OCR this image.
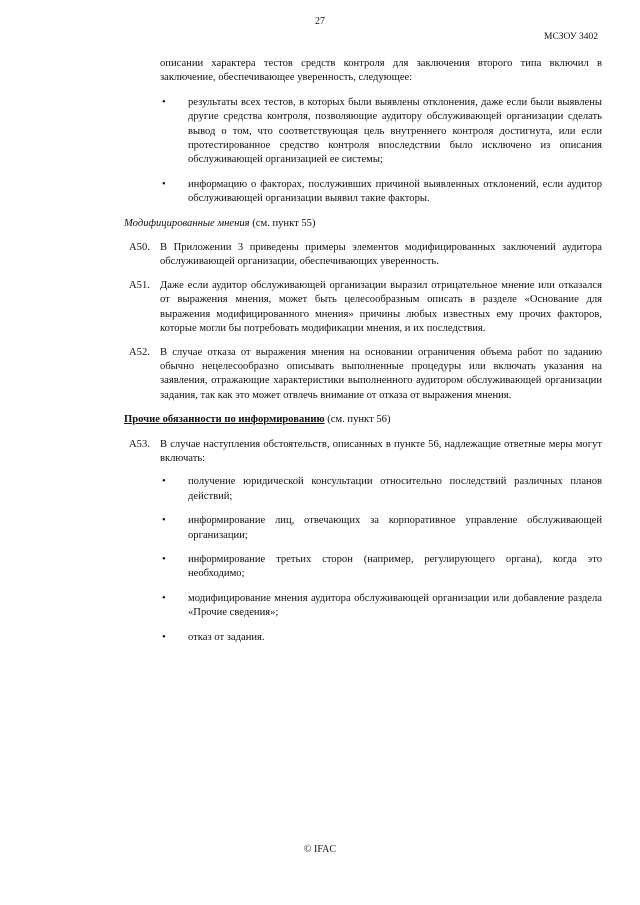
27
МСЗОУ 3402

описании характера тестов средств контроля для заключения второго типа включил в заключение, обеспечивающее уверенность, следующее:

• результаты всех тестов, в которых были выявлены отклонения, даже если были выявлены другие средства контроля, позволяющие аудитору обслуживающей организации сделать вывод о том, что соответствующая цель внутреннего контроля достигнута, или если протестированное средство контроля впоследствии было исключено из описания обслуживающей организацией ее системы;
• информацию о факторах, послуживших причиной выявленных отклонений, если аудитор обслуживающей организации выявил такие факторы.
Модифицированные мнения (см. пункт 55)
A50. В Приложении 3 приведены примеры элементов модифицированных заключений аудитора обслуживающей организации, обеспечивающих уверенность.
A51. Даже если аудитор обслуживающей организации выразил отрицательное мнение или отказался от выражения мнения, может быть целесообразным описать в разделе «Основание для выражения модифицированного мнения» причины любых известных ему прочих факторов, которые могли бы потребовать модификации мнения, и их последствия.
A52. В случае отказа от выражения мнения на основании ограничения объема работ по заданию обычно нецелесообразно описывать выполненные процедуры или включать указания на заявления, отражающие характеристики выполненного аудитором обслуживающей организации задания, так как это может отвлечь внимание от отказа от выражения мнения.
Прочие обязанности по информированию (см. пункт 56)
A53. В случае наступления обстоятельств, описанных в пункте 56, надлежащие ответные меры могут включать:
• получение юридической консультации относительно последствий различных планов действий;
• информирование лиц, отвечающих за корпоративное управление обслуживающей организации;
• информирование третьих сторон (например, регулирующего органа), когда это необходимо;
• модифицирование мнения аудитора обслуживающей организации или добавление раздела «Прочие сведения»;
• отказ от задания.
© IFAC
